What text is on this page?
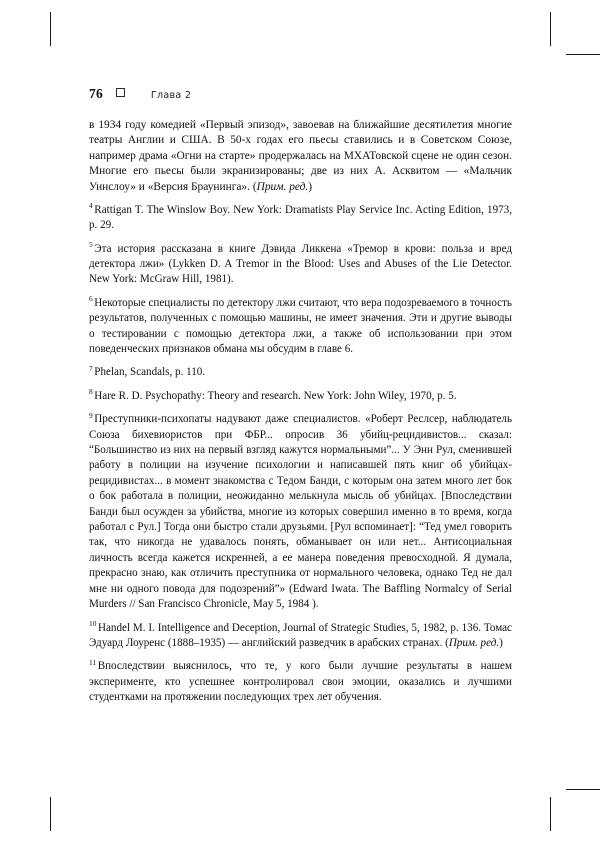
76	Глава 2

в 1934 году комедией «Первый эпизод», завоевав на ближайшие десятилетия многие театры Англии и США. В 50-х годах его пьесы ставились и в Советском Союзе, например драма «Огни на старте» продержалась на МХАТовской сцене не один сезон. Многие его пьесы были экранизированы; две из них А. Асквитом — «Мальчик Уинслоу» и «Версия Браунинга». (Прим. ред.)

$^4$ Rattigan T. The Winslow Boy. New York: Dramatists Play Service Inc. Acting Edition, 1973, p. 29.

$^5$ Эта история рассказана в книге Дэвида Ликкена «Тремор в крови: польза и вред детектора лжи» (Lykken D. A Tremor in the Blood: Uses and Abuses of the Lie Detector. New York: McGraw Hill, 1981).

$^6$ Некоторые специалисты по детектору лжи считают, что вера подозреваемого в точность результатов, полученных с помощью машины, не имеет значения. Эти и другие выводы о тестировании с помощью детектора лжи, а также об использовании при этом поведенческих признаков обмана мы обсудим в главе 6.

$^7$ Phelan, Scandals, p. 110.

$^8$ Hare R. D. Psychopathy: Theory and research. New York: John Wiley, 1970, p. 5.

$^9$ Преступники-психопаты надувают даже специалистов. «Роберт Реслсер, наблюдатель Союза бихевиористов при ФБР... опросив 36 убийц-рецидивистов... сказал: “Большинство из них на первый взгляд кажутся нормальными”... У Энн Рул, сменившей работу в полиции на изучение психологии и написавшей пять книг об убийцах-рецидивистах... в момент знакомства с Тедом Банди, с которым она затем много лет бок о бок работала в полиции, неожиданно мелькнула мысль об убийцах. [Впоследствии Банди был осужден за убийства, многие из которых совершил именно в то время, когда работал с Рул.] Тогда они быстро стали друзьями. [Рул вспоминает]: “Тед умел говорить так, что никогда не удавалось понять, обманывает он или нет... Антисоциальная личность всегда кажется искренней, а ее манера поведения превосходной. Я думала, прекрасно знаю, как отличить преступника от нормального человека, однако Тед не дал мне ни одного повода для подозрений”» (Edward Iwata. The Baffling Normalcy of Serial Murders // San Francisco Chronicle, May 5, 1984 ).

$^{10}$ Handel M. I. Intelligence and Deception, Journal of Strategic Studies, 5, 1982, p. 136. Томас Эдуард Лоуренс (1888–1935) — английский разведчик в арабских странах. (Прим. ред.)

$^{11}$ Впоследствии выяснилось, что те, у кого были лучшие результаты в нашем эксперименте, кто успешнее контролировал свои эмоции, оказались и лучшими студентками на протяжении последующих трех лет обучения.
